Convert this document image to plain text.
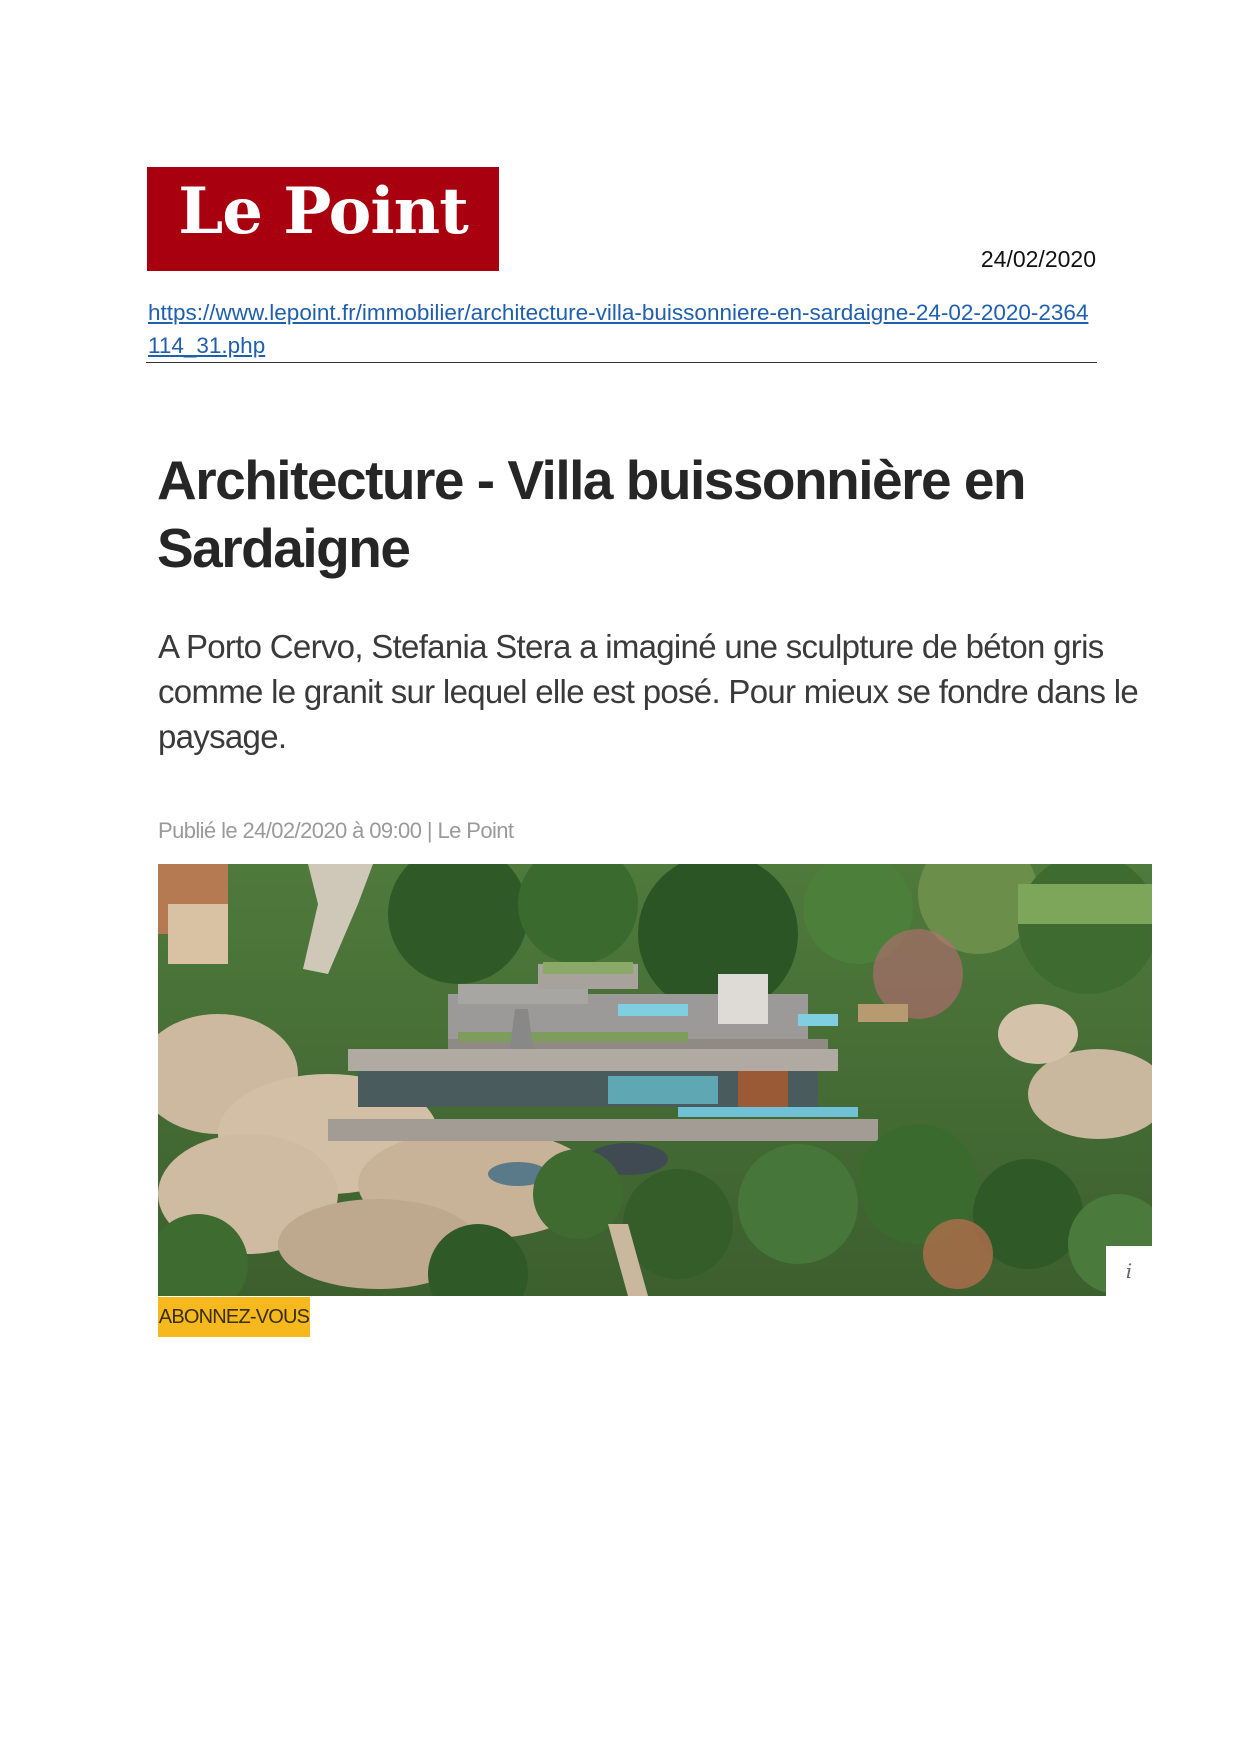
Le Point
24/02/2020
https://www.lepoint.fr/immobilier/architecture-villa-buissonniere-en-sardaigne-24-02-2020-2364114_31.php
Architecture - Villa buissonnière en Sardaigne

A Porto Cervo, Stefania Stera a imaginé une sculpture de béton gris comme le granit sur lequel elle est posé. Pour mieux se fondre dans le paysage.

Publié le 24/02/2020 à 09:00 | Le Point
i
ABONNEZ-VOUS
